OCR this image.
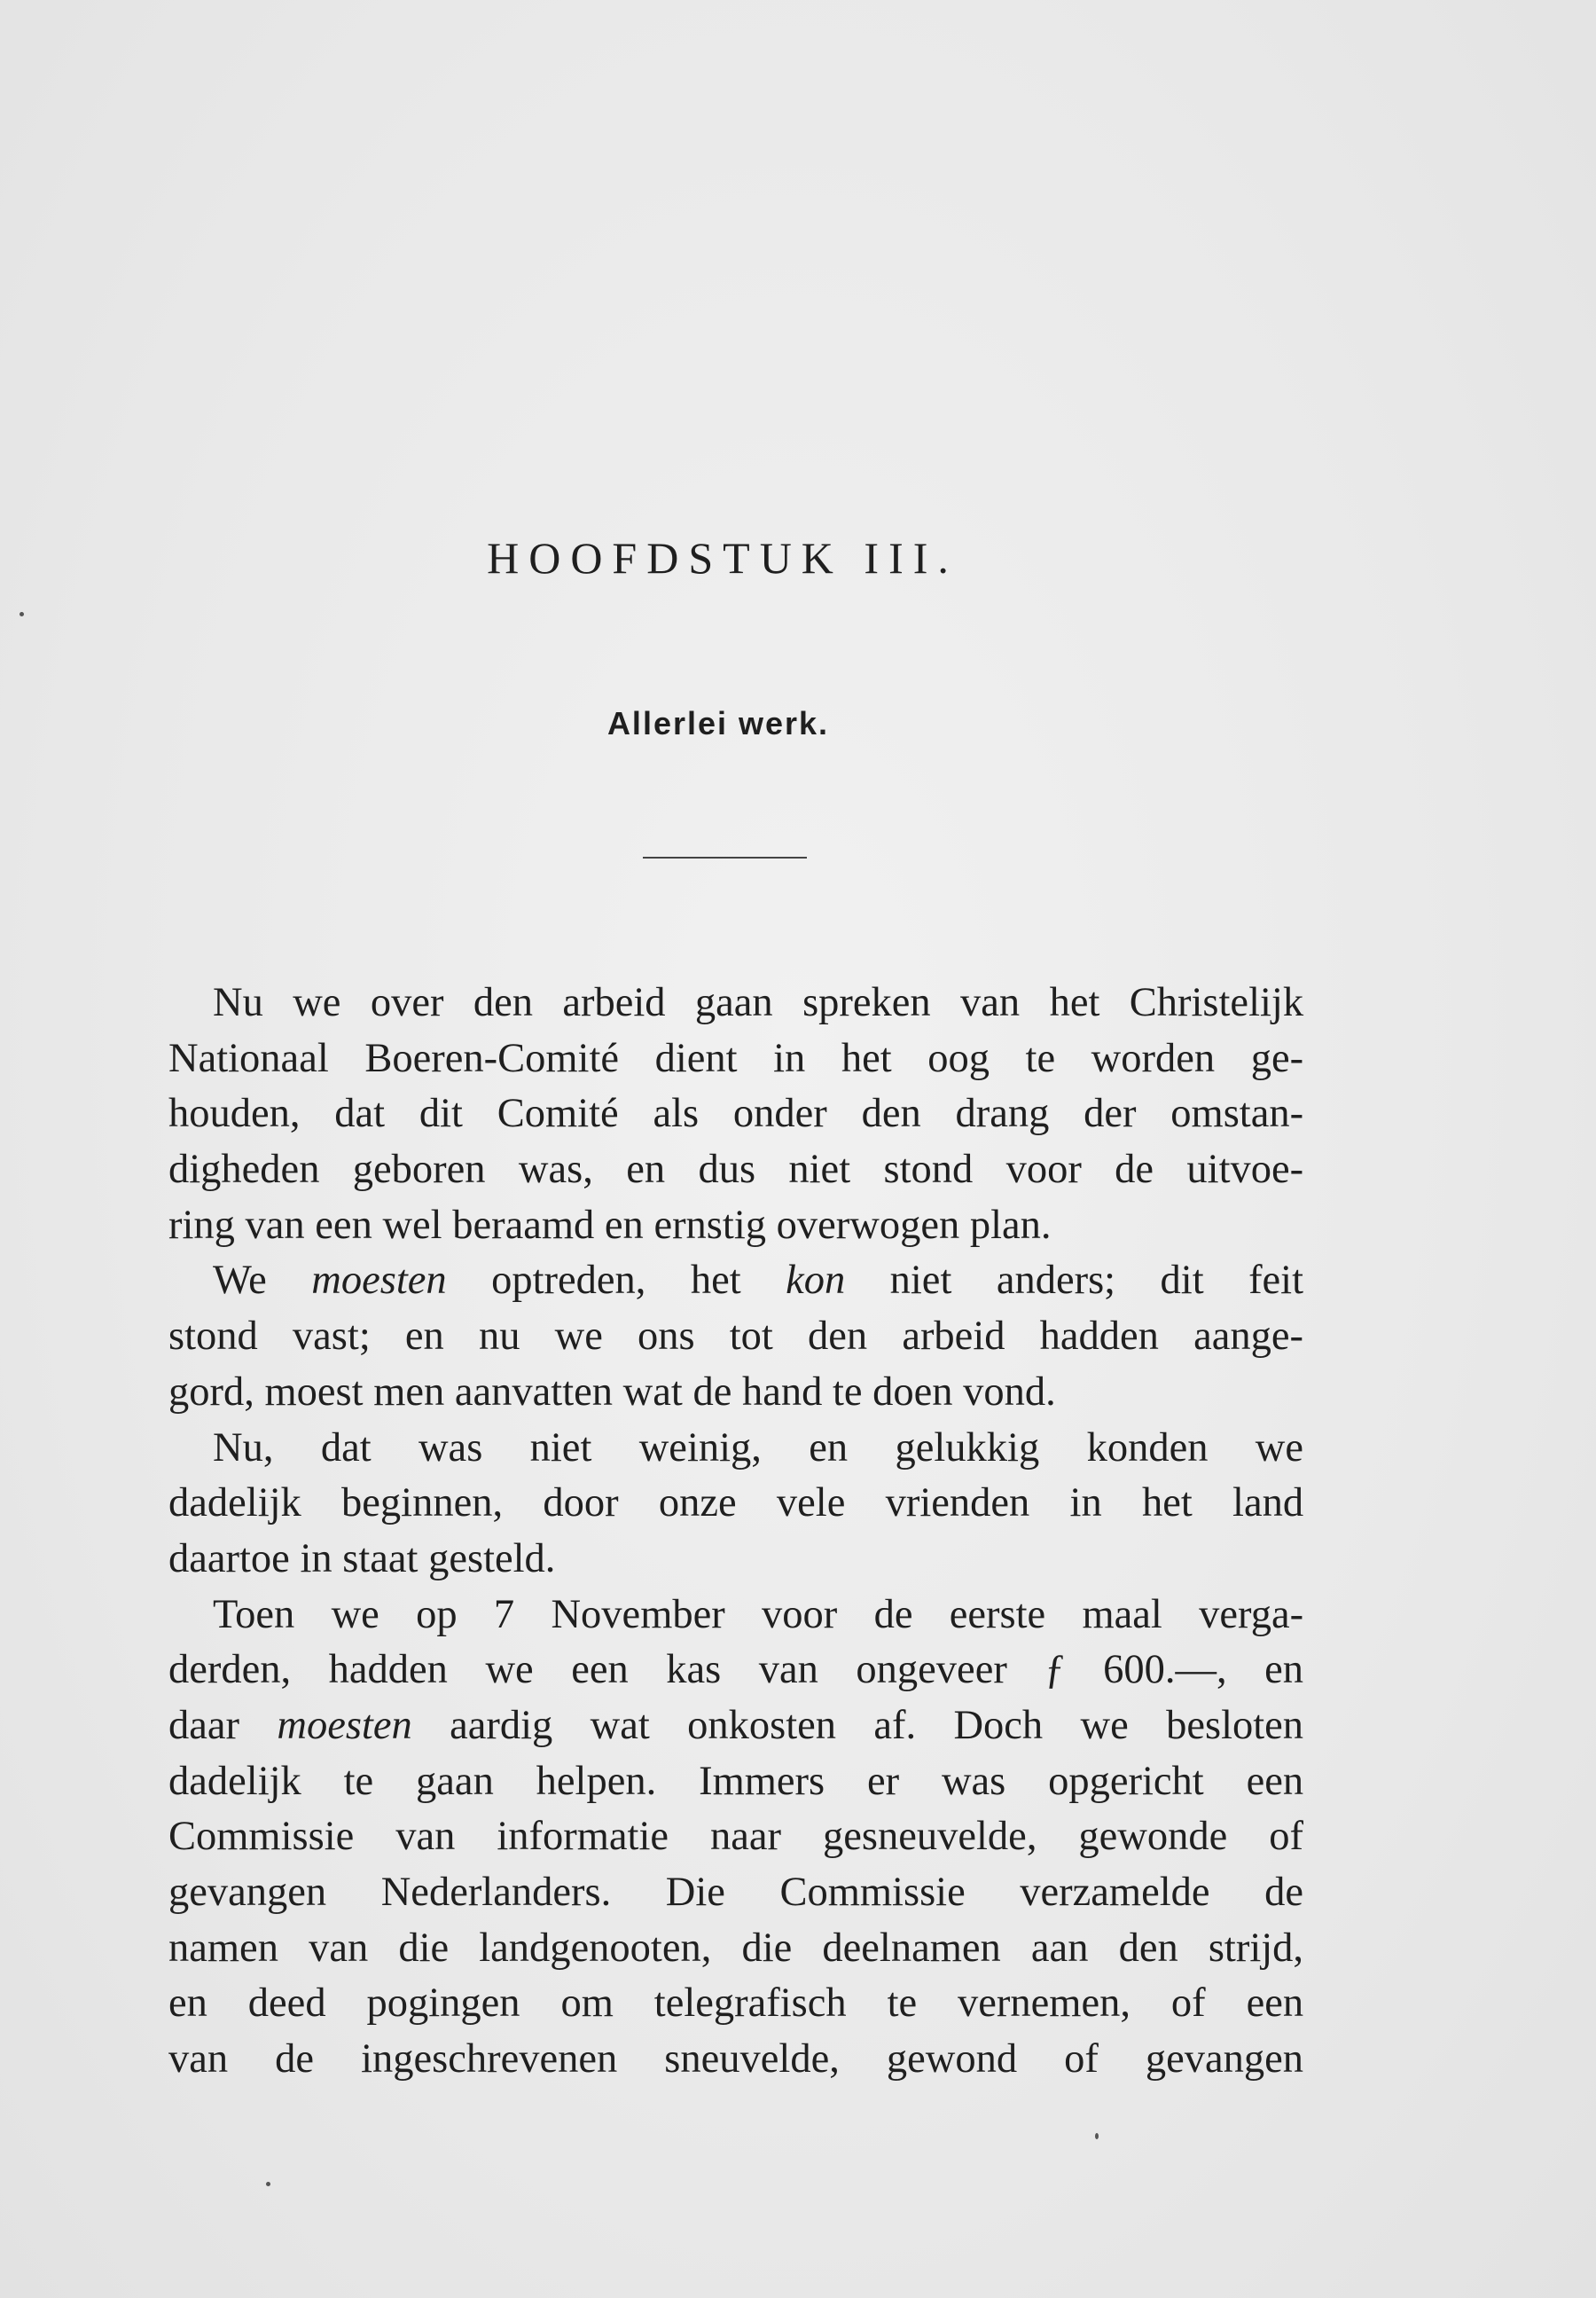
HOOFDSTUK III.
Allerlei werk.
Nu we over den arbeid gaan spreken van het Christelijk
Nationaal Boeren-Comité dient in het oog te worden ge-
houden, dat dit Comité als onder den drang der omstan-
digheden geboren was, en dus niet stond voor de uitvoe-
ring van een wel beraamd en ernstig overwogen plan.
We moesten optreden, het kon niet anders; dit feit
stond vast; en nu we ons tot den arbeid hadden aange-
gord, moest men aanvatten wat de hand te doen vond.
Nu, dat was niet weinig, en gelukkig konden we
dadelijk beginnen, door onze vele vrienden in het land
daartoe in staat gesteld.
Toen we op 7 November voor de eerste maal verga-
derden, hadden we een kas van ongeveer ƒ 600.—, en
daar moesten aardig wat onkosten af. Doch we besloten
dadelijk te gaan helpen. Immers er was opgericht een
Commissie van informatie naar gesneuvelde, gewonde of
gevangen Nederlanders. Die Commissie verzamelde de
namen van die landgenooten, die deelnamen aan den strijd,
en deed pogingen om telegrafisch te vernemen, of een
van de ingeschrevenen sneuvelde, gewond of gevangen
